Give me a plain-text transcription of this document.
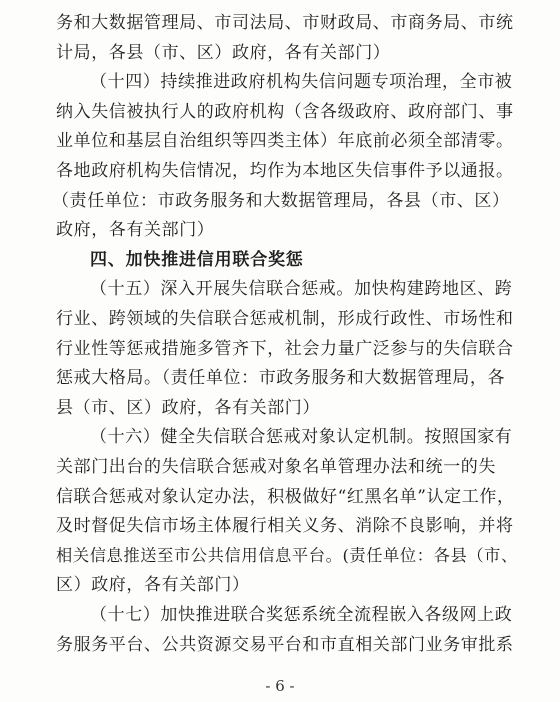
务和大数据管理局、市司法局、市财政局、市商务局、市统
计局，各县（市、区）政府，各有关部门）
（十四）持续推进政府机构失信问题专项治理，全市被
纳入失信被执行人的政府机构（含各级政府、政府部门、事
业单位和基层自治组织等四类主体）年底前必须全部清零。
各地政府机构失信情况，均作为本地区失信事件予以通报。
（责任单位：市政务服务和大数据管理局，各县（市、区）
政府，各有关部门）
四、加快推进信用联合奖惩
（十五）深入开展失信联合惩戒。加快构建跨地区、跨
行业、跨领域的失信联合惩戒机制，形成行政性、市场性和
行业性等惩戒措施多管齐下，社会力量广泛参与的失信联合
惩戒大格局。（责任单位：市政务服务和大数据管理局，各
县（市、区）政府，各有关部门）
（十六）健全失信联合惩戒对象认定机制。按照国家有
关部门出台的失信联合惩戒对象名单管理办法和统一的失
信联合惩戒对象认定办法，积极做好“红黑名单”认定工作，
及时督促失信市场主体履行相关义务、消除不良影响，并将
相关信息推送至市公共信用信息平台。(责任单位：各县（市、
区）政府，各有关部门）
（十七）加快推进联合奖惩系统全流程嵌入各级网上政
务服务平台、公共资源交易平台和市直相关部门业务审批系
- 6 -
